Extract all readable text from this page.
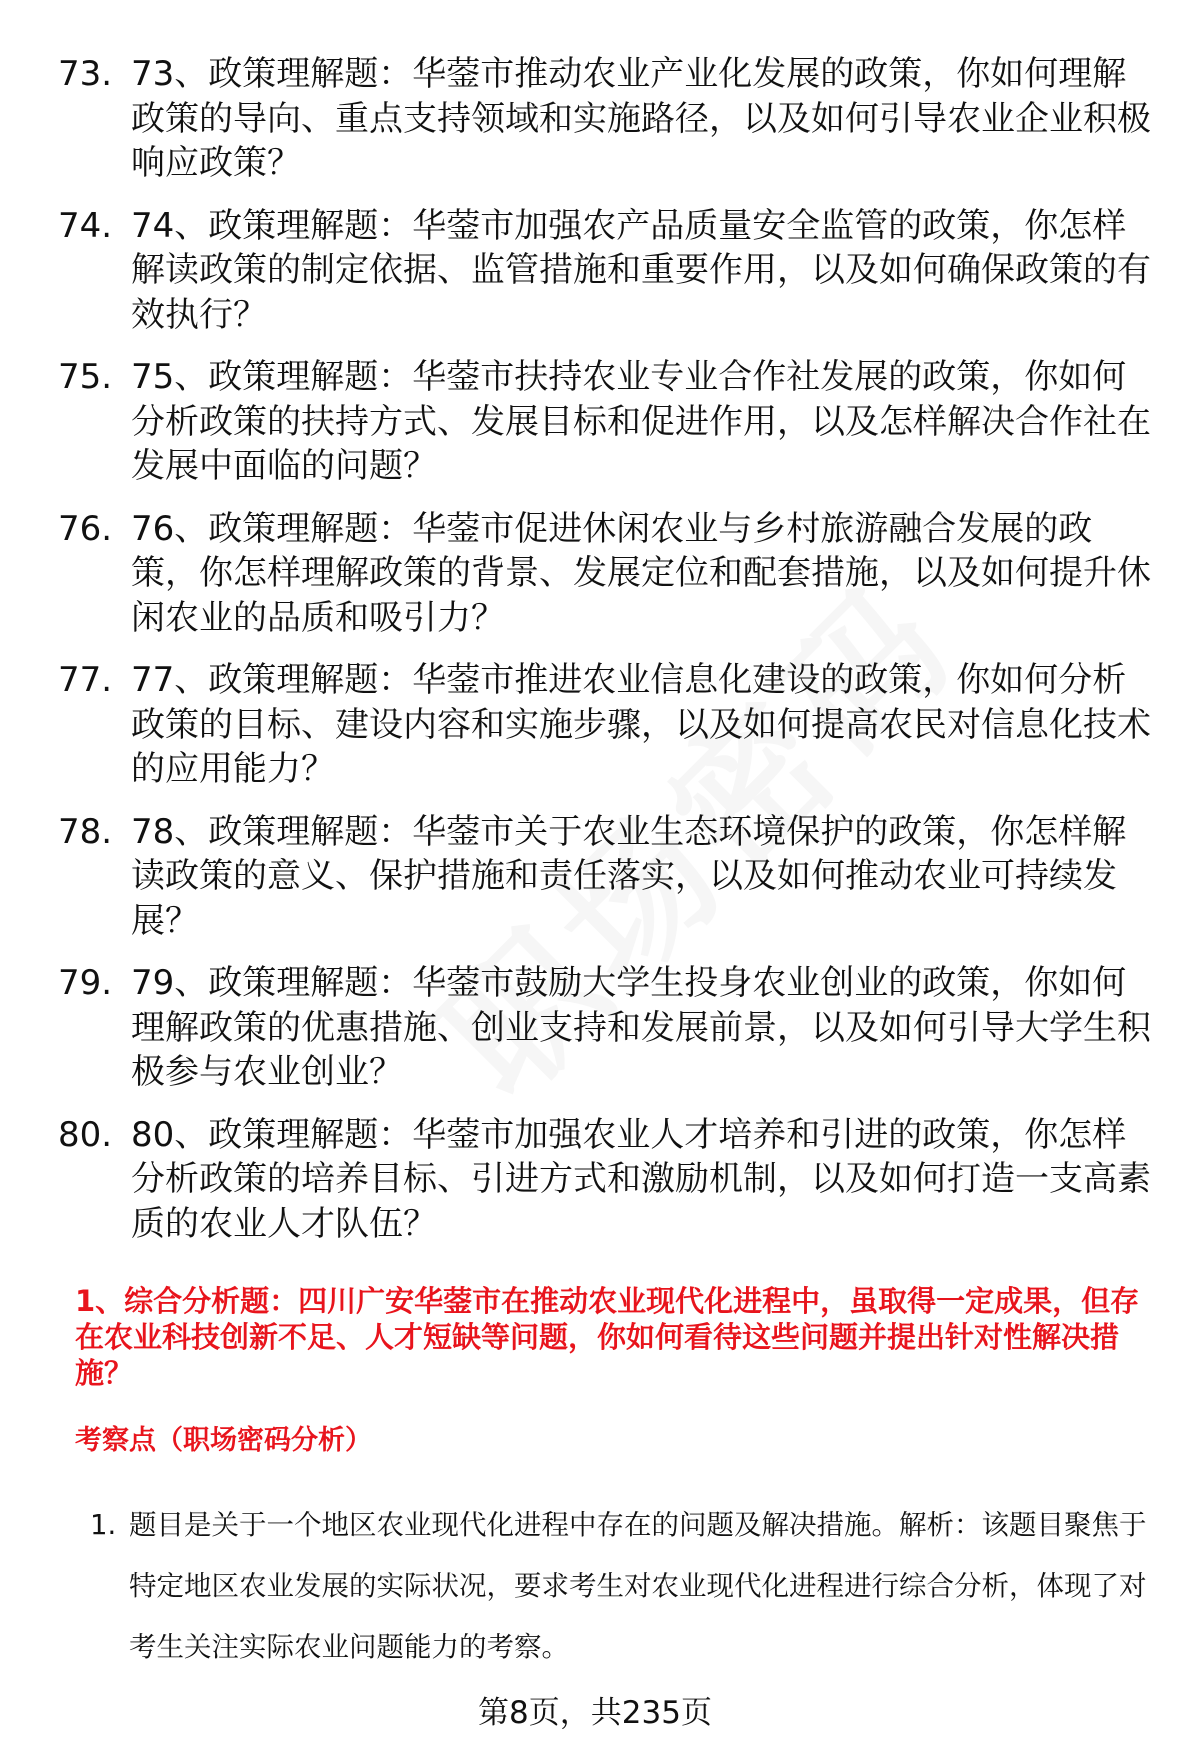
73. 73、政策理解题：华蓥市推动农业产业化发展的政策，你如何理解政策的导向、重点支持领域和实施路径，以及如何引导农业企业积极响应政策？
74. 74、政策理解题：华蓥市加强农产品质量安全监管的政策，你怎样解读政策的制定依据、监管措施和重要作用，以及如何确保政策的有效执行？
75. 75、政策理解题：华蓥市扶持农业专业合作社发展的政策，你如何分析政策的扶持方式、发展目标和促进作用，以及怎样解决合作社在发展中面临的问题？
76. 76、政策理解题：华蓥市促进休闲农业与乡村旅游融合发展的政策，你怎样理解政策的背景、发展定位和配套措施，以及如何提升休闲农业的品质和吸引力？
77. 77、政策理解题：华蓥市推进农业信息化建设的政策，你如何分析政策的目标、建设内容和实施步骤，以及如何提高农民对信息化技术的应用能力？
78. 78、政策理解题：华蓥市关于农业生态环境保护的政策，你怎样解读政策的意义、保护措施和责任落实，以及如何推动农业可持续发展？
79. 79、政策理解题：华蓥市鼓励大学生投身农业创业的政策，你如何理解政策的优惠措施、创业支持和发展前景，以及如何引导大学生积极参与农业创业？
80. 80、政策理解题：华蓥市加强农业人才培养和引进的政策，你怎样分析政策的培养目标、引进方式和激励机制，以及如何打造一支高素质的农业人才队伍？
1、综合分析题：四川广安华蓥市在推动农业现代化进程中，虽取得一定成果，但存在农业科技创新不足、人才短缺等问题，你如何看待这些问题并提出针对性解决措施？
考察点（职场密码分析）
1. 题目是关于一个地区农业现代化进程中存在的问题及解决措施。解析：该题目聚焦于特定地区农业发展的实际状况，要求考生对农业现代化进程进行综合分析，体现了对考生关注实际农业问题能力的考察。
第8页，共235页
